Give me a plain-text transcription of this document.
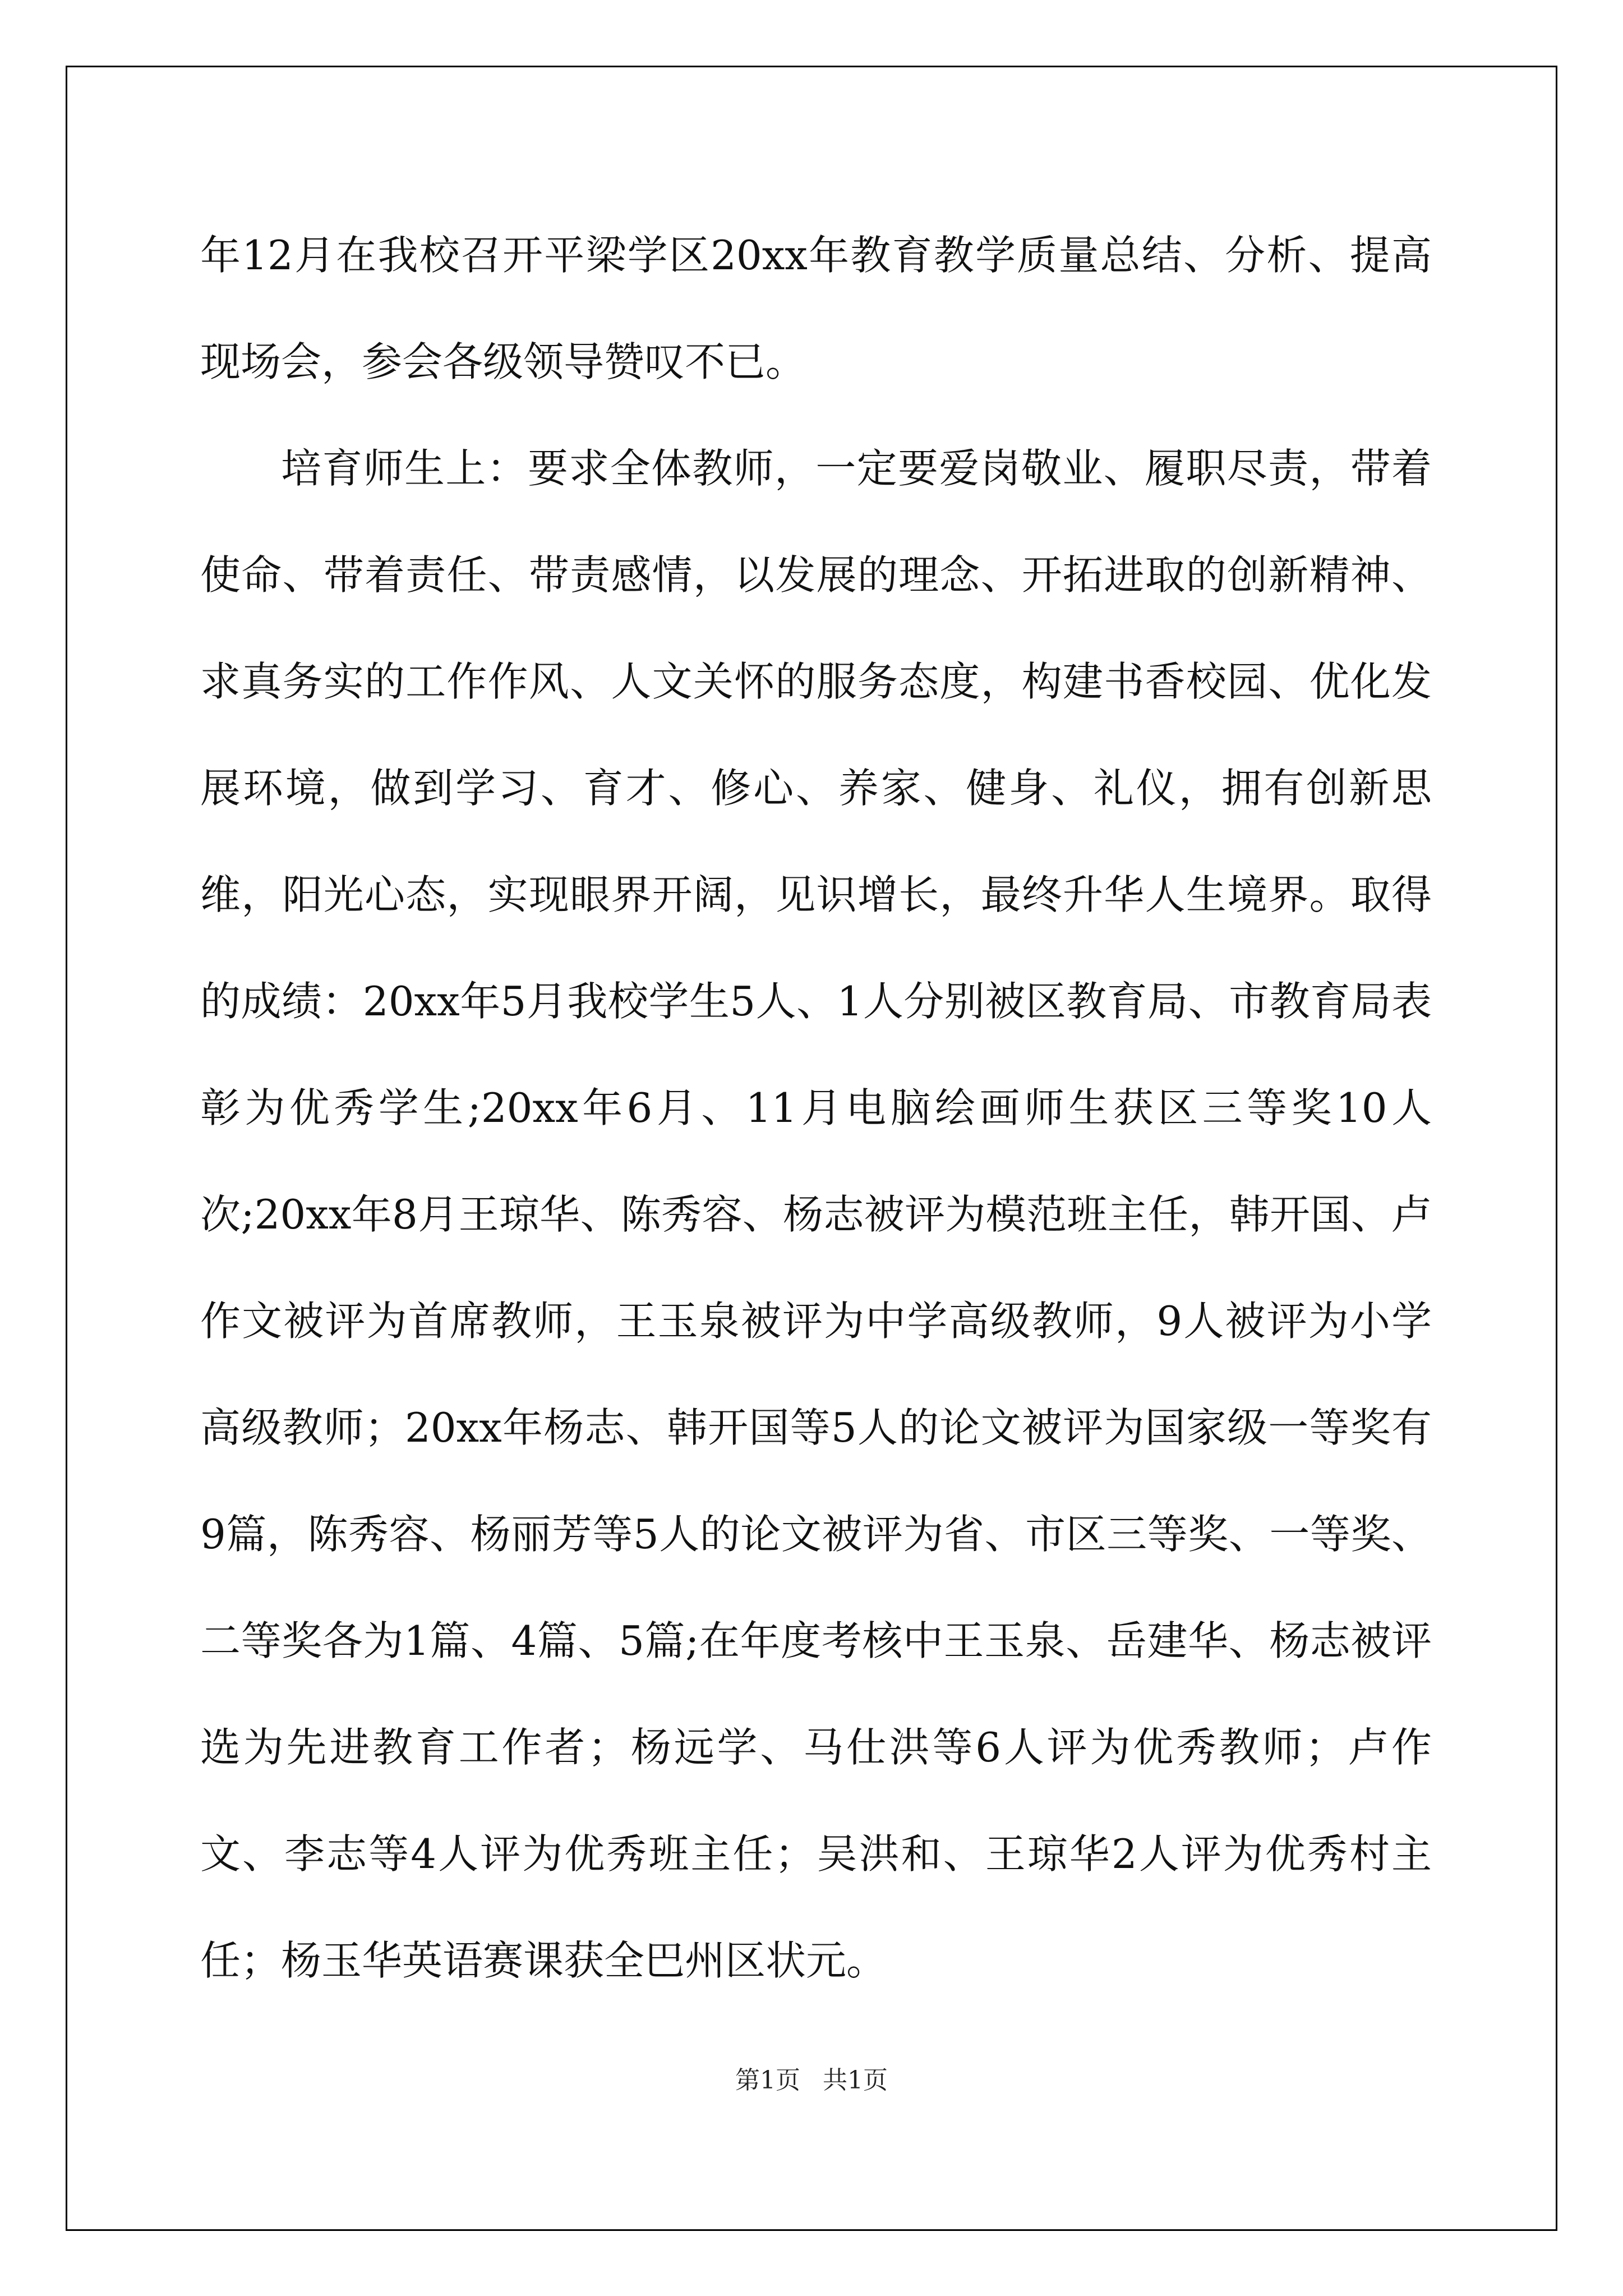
年12月在我校召开平梁学区20xx年教育教学质量总结、分析、提高现场会，参会各级领导赞叹不已。

培育师生上：要求全体教师，一定要爱岗敬业、履职尽责，带着使命、带着责任、带责感情，以发展的理念、开拓进取的创新精神、求真务实的工作作风、人文关怀的服务态度，构建书香校园、优化发展环境，做到学习、育才、修心、养家、健身、礼仪，拥有创新思维，阳光心态，实现眼界开阔，见识增长，最终升华人生境界。取得的成绩：20xx年5月我校学生5人、1人分别被区教育局、市教育局表彰为优秀学生;20xx年6月、11月电脑绘画师生获区三等奖10人次;20xx年8月王琼华、陈秀容、杨志被评为模范班主任，韩开国、卢作文被评为首席教师，王玉泉被评为中学高级教师，9人被评为小学高级教师；20xx年杨志、韩开国等5人的论文被评为国家级一等奖有9篇，陈秀容、杨丽芳等5人的论文被评为省、市区三等奖、一等奖、二等奖各为1篇、4篇、5篇;在年度考核中王玉泉、岳建华、杨志被评选为先进教育工作者；杨远学、马仕洪等6人评为优秀教师；卢作文、李志等4人评为优秀班主任；吴洪和、王琼华2人评为优秀村主任；杨玉华英语赛课获全巴州区状元。

第1页 共1页
